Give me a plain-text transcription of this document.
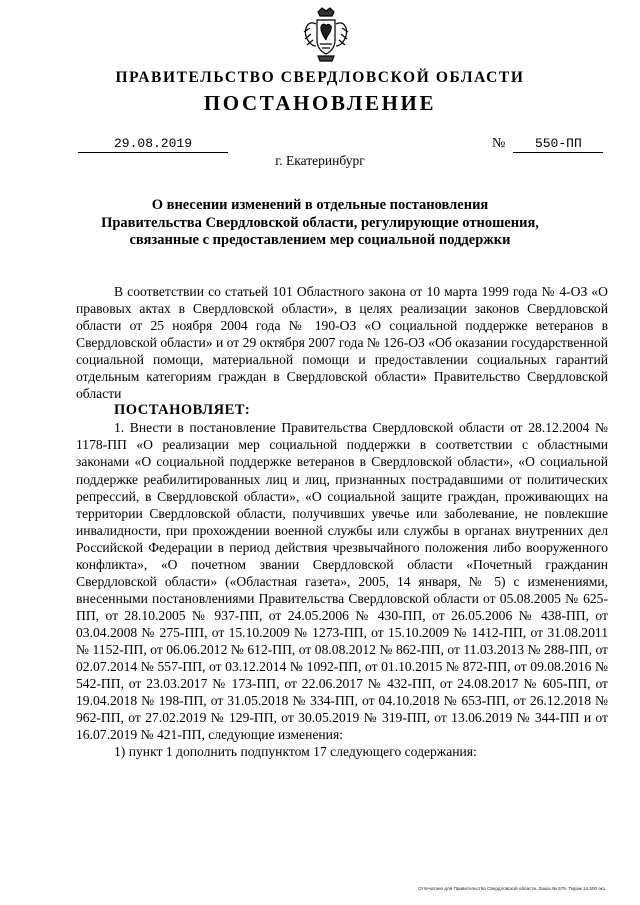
ПРАВИТЕЛЬСТВО СВЕРДЛОВСКОЙ ОБЛАСТИ
ПОСТАНОВЛЕНИЕ
29.08.2019	№ 550-ПП
г. Екатеринбург
О внесении изменений в отдельные постановления
Правительства Свердловской области, регулирующие отношения,
связанные с предоставлением мер социальной поддержки

В соответствии со статьей 101 Областного закона от 10 марта 1999 года № 4-ОЗ «О правовых актах в Свердловской области», в целях реализации законов Свердловской области от 25 ноября 2004 года № 190-ОЗ «О социальной поддержке ветеранов в Свердловской области» и от 29 октября 2007 года № 126-ОЗ «Об оказании государственной социальной помощи, материальной помощи и предоставлении социальных гарантий отдельным категориям граждан в Свердловской области» Правительство Свердловской области

ПОСТАНОВЛЯЕТ:

1. Внести в постановление Правительства Свердловской области от 28.12.2004 № 1178-ПП «О реализации мер социальной поддержки в соответствии с областными законами «О социальной поддержке ветеранов в Свердловской области», «О социальной поддержке реабилитированных лиц и лиц, признанных пострадавшими от политических репрессий, в Свердловской области», «О социальной защите граждан, проживающих на территории Свердловской области, получивших увечье или заболевание, не повлекшие инвалидности, при прохождении военной службы или службы в органах внутренних дел Российской Федерации в период действия чрезвычайного положения либо вооруженного конфликта», «О почетном звании Свердловской области «Почетный гражданин Свердловской области» («Областная газета», 2005, 14 января, № 5) с изменениями, внесенными постановлениями Правительства Свердловской области от 05.08.2005 № 625-ПП, от 28.10.2005 № 937-ПП, от 24.05.2006 № 430-ПП, от 26.05.2006 № 438-ПП, от 03.04.2008 № 275-ПП, от 15.10.2009 № 1273-ПП, от 15.10.2009 № 1412-ПП, от 31.08.2011 № 1152-ПП, от 06.06.2012 № 612-ПП, от 08.08.2012 № 862-ПП, от 11.03.2013 № 288-ПП, от 02.07.2014 № 557-ПП, от 03.12.2014 № 1092-ПП, от 01.10.2015 № 872-ПП, от 09.08.2016 № 542-ПП, от 23.03.2017 № 173-ПП, от 22.06.2017 № 432-ПП, от 24.08.2017 № 605-ПП, от 19.04.2018 № 198-ПП, от 31.05.2018 № 334-ПП, от 04.10.2018 № 653-ПП, от 26.12.2018 № 962-ПП, от 27.02.2019 № 129-ПП, от 30.05.2019 № 319-ПП, от 13.06.2019 № 344-ПП и от 16.07.2019 № 421-ПП, следующие изменения:

1) пункт 1 дополнить подпунктом 17 следующего содержания:

Отпечатано для Правительства Свердловской области. Заказ № 579. Тираж 14 500 экз.
